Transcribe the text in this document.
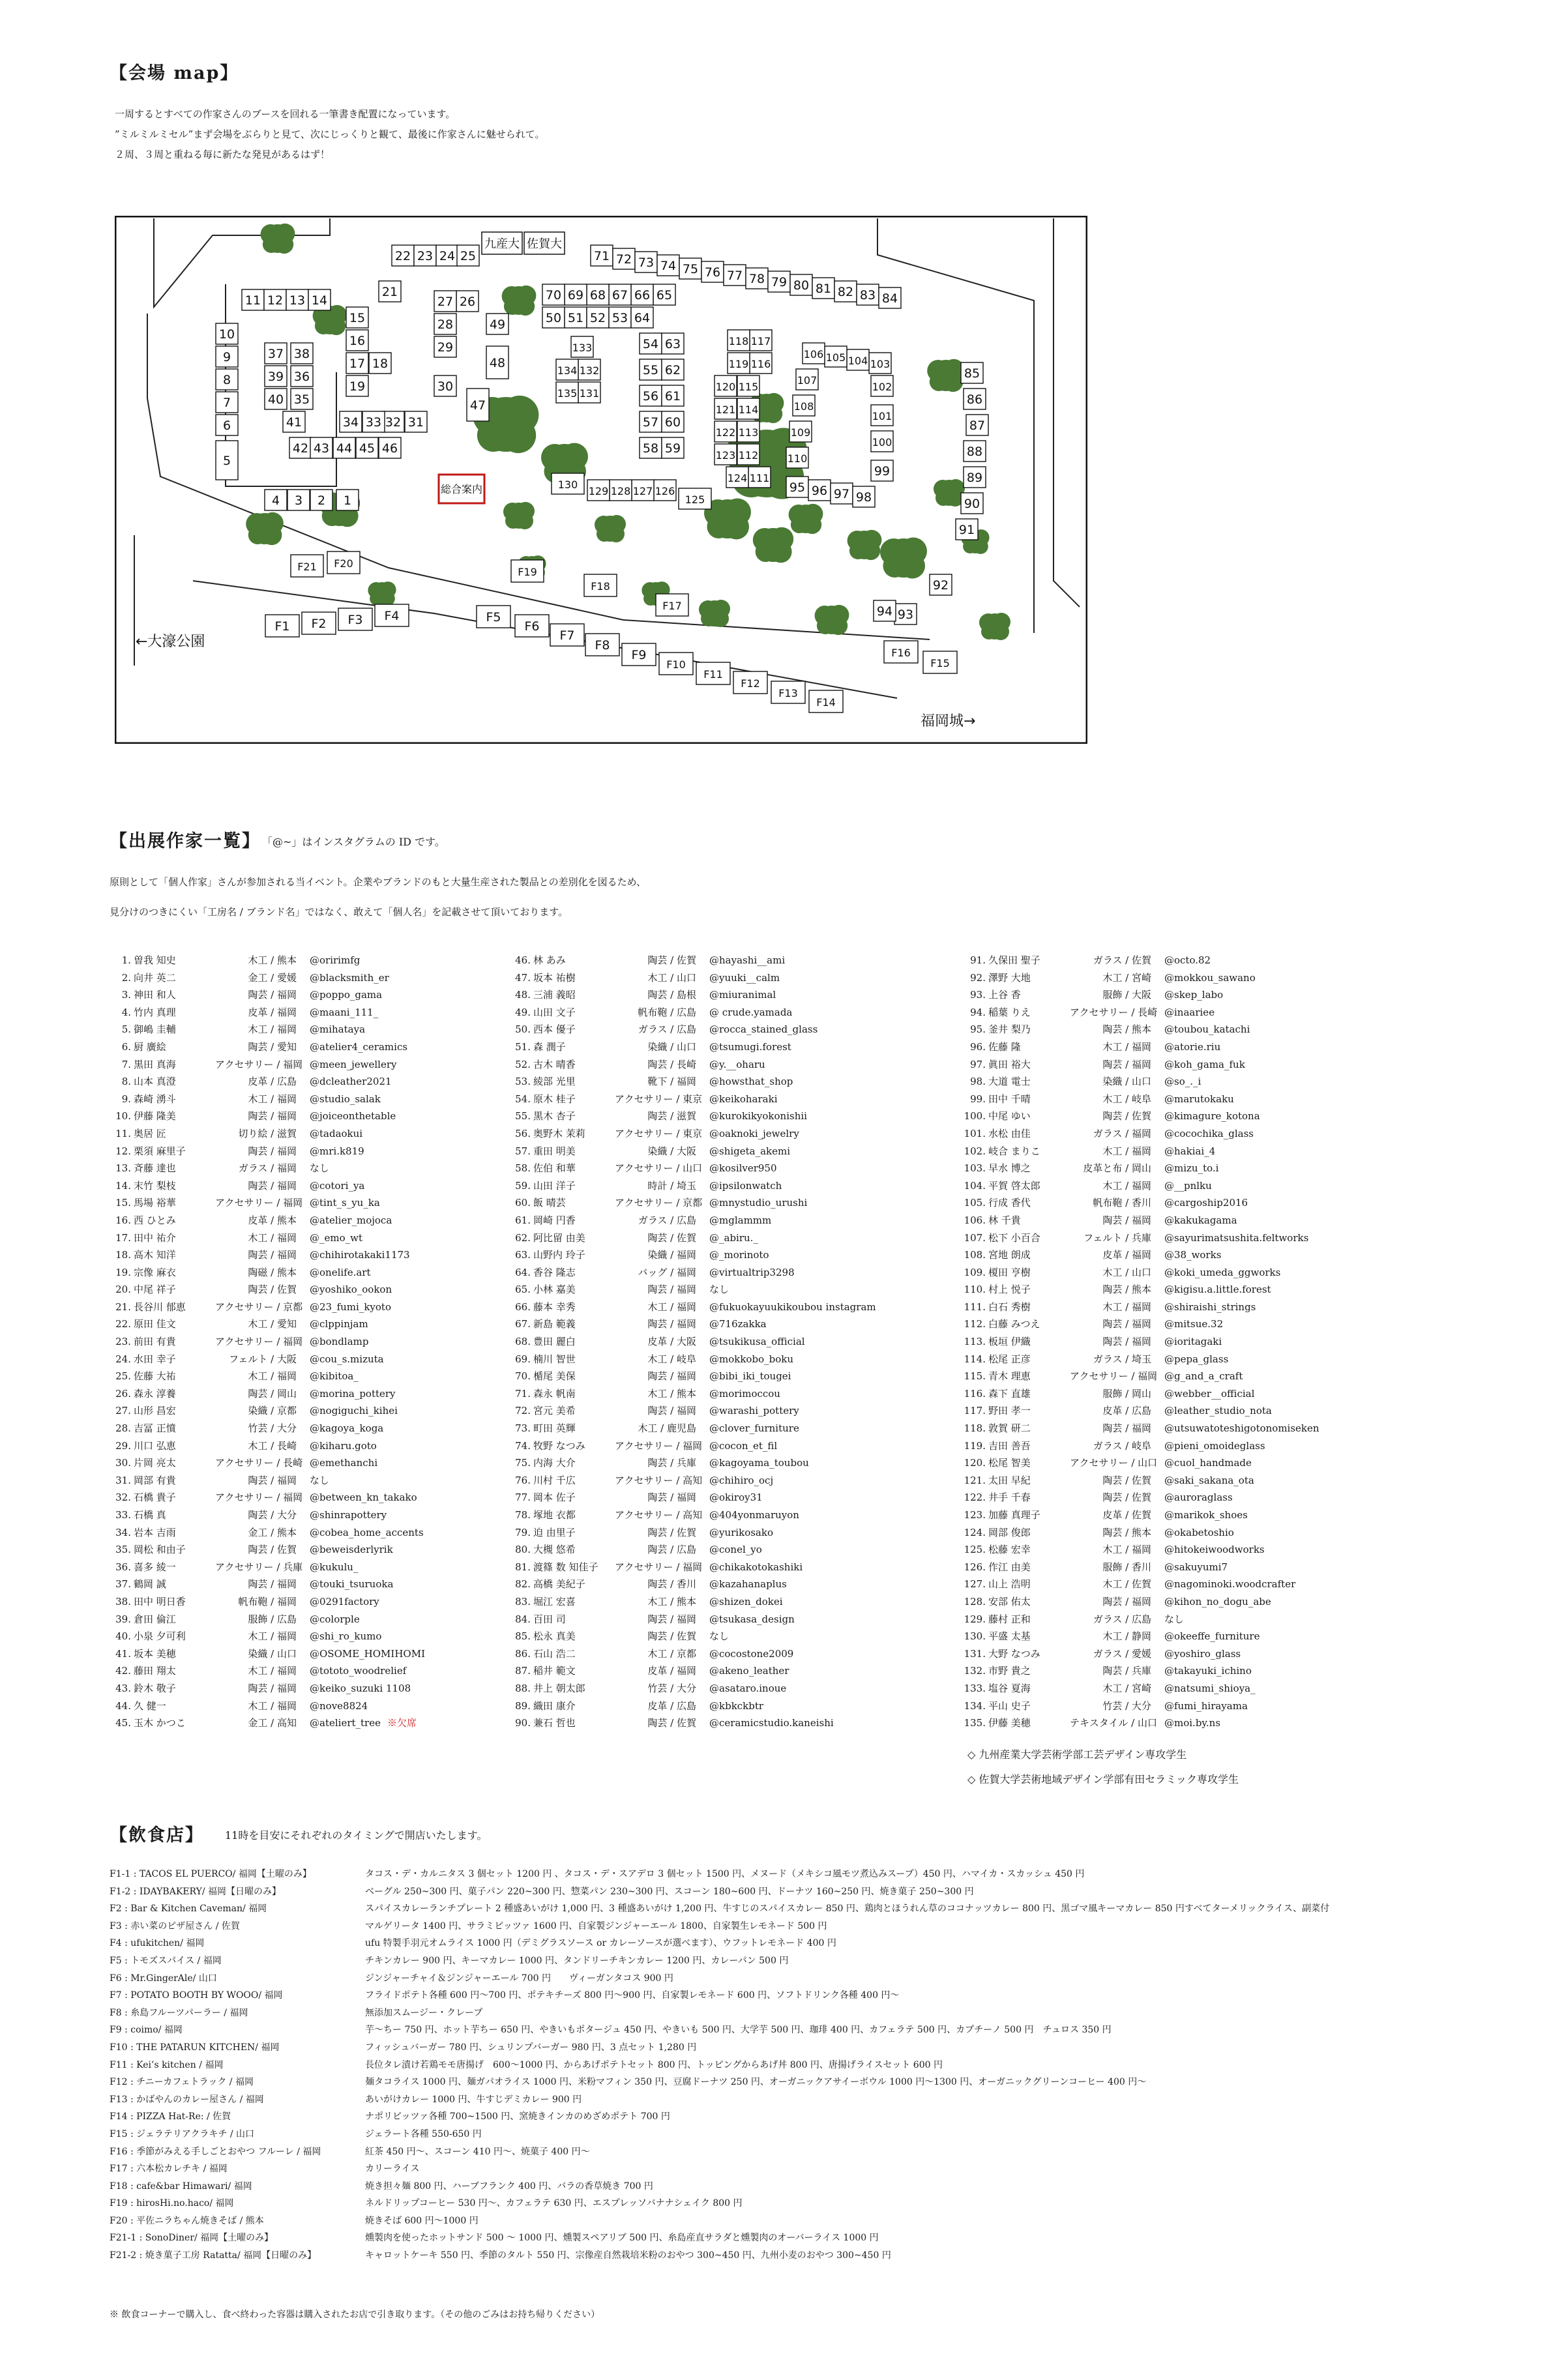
【会場 map】
一周するとすべての作家さんのブースを回れる一筆書き配置になっています。
”ミルミルミセル”まず会場をぶらりと見て、次にじっくりと観て、最後に作家さんに魅せられて。
２周、３周と重ねる毎に新たな発見があるはず！
1
2
3
4
5
6
7
8
9
10
11 12 13 14
15
16
17 18
19
21
22 23 24 25
26
27
28
29
30
31
32
33
34
35
36
37 38
39
40
41
42 43 44 45 46
47
48
49	50 51 52 53
54
55
56
57
58 59
60
61
62
63
64
65
66
67
68
69
70
71 72 73 74 75 76 77 78 79 80 81 82 83 84
85
86
87
88
89
90
91
92
93
94
95 96 97 98
99
100
101
102
103
104
105
106
107
108
109
110
111
112
113
114
115
116
117
118
119
120
121
122
123
124
125
126
127
128
129
130
131
132
133
134
135
F1 F2 F3 F4	F5
F6
F7
F8
F9
F10
F11
F12
F13
F14
F15
F16
F17
F18
F19
F20
F21
総合案内
九産大 佐賀大
←大濠公園
福岡城→
【出展作家一覧】 「@~」はインスタグラムの ID です。
原則として「個人作家」さんが参加される当イベント。企業やブランドのもと大量生産された製品との差別化を図るため、
見分けのつきにくい「工房名 / ブランド名」ではなく、敢えて「個人名」を記載させて頂いております。
1. 曽我 知史	木工 / 熊本	@oririmfg
2. 向井 英二	金工 / 愛媛	@blacksmith_er
3. 神田 和人	陶芸 / 福岡	@poppo_gama
4. 竹内 真理	皮革 / 福岡	@maani_111_
5. 御嶋 圭輔	木工 / 福岡	@mihataya
6. 厨 廣絵	陶芸 / 愛知	@atelier4_ceramics
7. 黒田 真海	アクセサリー / 福岡 @meen_jewellery
8. 山本 真澄	皮革 / 広島	@dcleather2021
9. 森崎 湧斗	木工 / 福岡	@studio_salak
10. 伊藤 隆美	陶芸 / 福岡	@joiceonthetable
11. 奥居 匠	切り絵 / 滋賀	@tadaokui
12. 栗須 麻里子	陶芸 / 福岡	@mri.k819
13. 斉藤 達也	ガラス / 福岡	なし
14. 末竹 梨枝	陶芸 / 福岡	@cotori_ya
15. 馬場 裕華	アクセサリー / 福岡 @tint_s_yu_ka
16. 西 ひとみ	皮革 / 熊本	@atelier_mojoca
17. 田中 祐介	木工 / 福岡	@_emo_wt
18. 高木 知洋	陶芸 / 福岡	@chihirotakaki1173
19. 宗像 麻衣	陶磁 / 熊本	@onelife.art
20. 中尾 祥子	陶芸 / 佐賀	@yoshiko_ookon
21. 長谷川 郁恵	アクセサリー / 京都 @23_fumi_kyoto
22. 原田 佳文	木工 / 愛知	@clppinjam
23. 前田 有貴	アクセサリー / 福岡 @bondlamp
24. 水田 幸子	フェルト / 大阪	@cou_s.mizuta
25. 佐藤 大祐	木工 / 福岡	@kibitoa_
26. 森永 淳養	陶芸 / 岡山	@morina_pottery
27. 山形 昌宏	染織 / 京都	@nogiguchi_kihei
28. 吉冨 正憤	竹芸 / 大分	@kagoya_koga
29. 川口 弘恵	木工 / 長崎	@kiharu.goto
30. 片岡 亮太	アクセサリー / 長崎 @emethanchi
31. 岡部 有貴	陶芸 / 福岡	なし
32. 石橋 貴子	アクセサリー / 福岡 @between_kn_takako
33. 石橋 真	陶芸 / 大分	@shinrapottery
34. 岩本 吉雨	金工 / 熊本	@cobea_home_accents
35. 岡松 和由子	陶芸 / 佐賀	@beweisderlyrik
36. 喜多 綾一	アクセサリー / 兵庫 @kukulu_
37. 鶴岡 誠	陶芸 / 福岡	@touki_tsuruoka
38. 田中 明日香	帆布鞄 / 福岡	@0291factory
39. 倉田 倫江	服飾 / 広島	@colorple
40. 小泉 夕可利	木工 / 福岡	@shi_ro_kumo
41. 坂本 美穂	染織 / 山口	@OSOME_HOMIHOMI
42. 藤田 翔太	木工 / 福岡	@tototo_woodrelief
43. 鈴木 敬子	陶芸 / 福岡	@keiko_suzuki 1108
44. 久 健一	木工 / 福岡	@nove8824
45. 玉木 かつこ	金工 / 高知	@ateliert_tree ※欠席
46. 林 あみ	陶芸 / 佐賀	@hayashi__ami
47. 坂本 祐樹	木工 / 山口	@yuuki__calm
48. 三浦 義昭	陶芸 / 島根	@miuranimal
49. 山田 文子	帆布鞄 / 広島	@ crude.yamada
50. 西本 優子	ガラス / 広島	@rocca_stained_glass
51. 森 潤子	染織 / 山口	@tsumugi.forest
52. 古木 晴香	陶芸 / 長崎	@y.__oharu
53. 綾部 光里	靴下 / 福岡	@howsthat_shop
54. 原木 桂子	アクセサリー / 東京 @keikoharaki
55. 黒木 杏子	陶芸 / 滋賀	@kurokikyokonishii
56. 奥野木 茉莉	アクセサリー / 東京 @oaknoki_jewelry
57. 重田 明美	染織 / 大阪	@shigeta_akemi
58. 佐伯 和華	アクセサリー / 山口 @kosilver950
59. 山田 洋子	時計 / 埼玉	@ipsilonwatch
60. 飯 晴芸	アクセサリー / 京都 @mnystudio_urushi
61. 岡崎 円香	ガラス / 広島	@mglammm
62. 阿比留 由美	陶芸 / 佐賀	@_abiru._
63. 山野内 玲子	染織 / 福岡	@_morinoto
64. 香谷 隆志	バッグ / 福岡	@virtualtrip3298
65. 小林 嘉美	陶芸 / 福岡	なし
66. 藤本 幸秀	木工 / 福岡	@fukuokayuukikoubou instagram
67. 新島 範義	陶芸 / 福岡	@716zakka
68. 豊田 麗白	皮革 / 大阪	@tsukikusa_official
69. 楠川 智世	木工 / 岐阜	@mokkobo_boku
70. 楯尾 美保	陶芸 / 福岡	@bibi_iki_tougei
71. 森永 帆南	木工 / 熊本	@morimoccou
72. 宮元 美希	陶芸 / 福岡	@warashi_pottery
73. 町田 英輝	木工 / 鹿児島	@clover_furniture
74. 牧野 なつみ	アクセサリー / 福岡 @cocon_et_fil
75. 内海 大介	陶芸 / 兵庫	@kagoyama_toubou
76. 川村 千広	アクセサリー / 高知 @chihiro_ocj
77. 岡本 佐子	陶芸 / 福岡	@okiroy31
78. 塚地 衣都	アクセサリー / 高知 @404yonmaruyon
79. 迫 由里子	陶芸 / 佐賀	@yurikosako
80. 大槻 悠希	陶芸 / 広島	@conel_yo
81. 渡篠 数 知佳子	アクセサリー / 福岡 @chikakotokashiki
82. 高橋 美紀子	陶芸 / 香川	@kazahanaplus
83. 堀江 宏喜	木工 / 熊本	@shizen_dokei
84. 百田 司	陶芸 / 福岡	@tsukasa_design
85. 松永 真美	陶芸 / 佐賀	なし
86. 石山 浩二	木工 / 京都	@cocostone2009
87. 稲井 範文	皮革 / 福岡	@akeno_leather
88. 井上 朝太郎	竹芸 / 大分	@asataro.inoue
89. 織田 康介	皮革 / 広島	@kbkckbtr
90. 兼石 哲也	陶芸 / 佐賀	@ceramicstudio.kaneishi
91. 久保田 聖子	ガラス / 佐賀	@octo.82
92. 澤野 大地	木工 / 宮崎	@mokkou_sawano
93. 上谷 香	服飾 / 大阪	@skep_labo
94. 稲葉 りえ	アクセサリー / 長崎 @inaariee
95. 釜井 梨乃	陶芸 / 熊本	@toubou_katachi
96. 佐藤 隆	木工 / 福岡	@atorie.riu
97. 眞田 裕大	陶芸 / 福岡	@koh_gama_fuk
98. 大道 電士	染織 / 山口	@so_._i
99. 田中 千晴	木工 / 岐阜	@marutokaku
100. 中尾 ゆい	陶芸 / 佐賀	@kimagure_kotona
101. 水松 由佳	ガラス / 福岡	@cocochika_glass
102. 岐合 まりこ	木工 / 福岡	@hakiai_4
103. 早水 博之	皮革と布 / 岡山	@mizu_to.i
104. 平賀 啓太郎	木工 / 福岡	@__pnlku
105. 行成 香代	帆布鞄 / 香川	@cargoship2016
106. 林 千貴	陶芸 / 福岡	@kakukagama
107. 松下 小百合	フェルト / 兵庫	@sayurimatsushita.feltworks
108. 宮地 朗成	皮革 / 福岡	@38_works
109. 榎田 亨樹	木工 / 山口	@koki_umeda_ggworks
110. 村上 悦子	陶芸 / 熊本	@kigisu.a.little.forest
111. 白石 秀樹	木工 / 福岡	@shiraishi_strings
112. 白藤 みつえ	陶芸 / 福岡	@mitsue.32
113. 板垣 伊織	陶芸 / 福岡	@ioritagaki
114. 松尾 正彦	ガラス / 埼玉	@pepa_glass
115. 青木 理恵	アクセサリー / 福岡 @g_and_a_craft
116. 森下 直雄	服飾 / 岡山	@webber__official
117. 野田 孝一	皮革 / 広島	@leather_studio_nota
118. 敦賀 研二	陶芸 / 福岡	@utsuwatoteshigotonomiseken
119. 吉田 善吾	ガラス / 岐阜	@pieni_omoideglass
120. 松尾 智美	アクセサリー / 山口 @cuol_handmade
121. 太田 早紀	陶芸 / 佐賀	@saki_sakana_ota
122. 井手 千春	陶芸 / 佐賀	@auroraglass
123. 加藤 真理子	皮革 / 佐賀	@marikok_shoes
124. 岡部 俊郎	陶芸 / 熊本	@okabetoshio
125. 松藤 宏幸	木工 / 福岡	@hitokeiwoodworks
126. 作江 由美	服飾 / 香川	@sakuyumi7
127. 山上 浩明	木工 / 佐賀	@nagominoki.woodcrafter
128. 安部 佑太	陶芸 / 福岡	@kihon_no_dogu_abe
129. 藤村 正和	ガラス / 広島	なし
130. 平盛 太基	木工 / 静岡	@okeeffe_furniture
131. 大野 なつみ	ガラス / 愛媛	@yoshiro_glass
132. 市野 貴之	陶芸 / 兵庫	@takayuki_ichino
133. 塩谷 夏海	木工 / 宮崎	@natsumi_shioya_
134. 平山 史子	竹芸 / 大分	@fumi_hirayama
135. 伊藤 美穂	テキスタイル / 山口 @moi.by.ns
◇ 九州産業大学芸術学部工芸デザイン専攻学生
◇ 佐賀大学芸術地域デザイン学部有田セラミック専攻学生
【飲食店】 11時を目安にそれぞれのタイミングで開店いたします。
F1-1 : TACOS EL PUERCO/ 福岡【土曜のみ】	タコス・デ・カルニタス 3 個セット 1200 円 、タコス・デ・スアデロ 3 個セット 1500 円、メヌード（メキシコ風モツ煮込みスープ）450 円、ハマイカ・スカッシュ 450 円
F1-2 : IDAYBAKERY/ 福岡【日曜のみ】	ベーグル 250~300 円、菓子パン 220~300 円、惣菜パン 230~300 円、スコーン 180~600 円、ドーナツ 160~250 円、焼き菓子 250~300 円
F2 : Bar & Kitchen Caveman/ 福岡	スパイスカレーランチプレート 2 種盛あいがけ 1,000 円、3 種盛あいがけ 1,200 円、牛すじのスパイスカレー 850 円、鶏肉とほうれん草のココナッツカレー 800 円、黒ゴマ風キーマカレー 850 円すべてターメリックライス、副菜付
F3 : 赤い菜のピザ屋さん / 佐賀	マルゲリータ 1400 円、サラミピッツァ 1600 円、自家製ジンジャーエール 1800、自家製生レモネード 500 円
F4 : ufukitchen/ 福岡	ufu 特製手羽元オムライス 1000 円（デミグラスソース or カレーソースが選べます）、ウフットレモネード 400 円
F5 : トモズスパイス / 福岡	チキンカレー 900 円、キーマカレー 1000 円、タンドリーチキンカレー 1200 円、カレーパン 500 円
F6 : Mr.GingerAle/ 山口	ジンジャーチャイ＆ジンジャーエール 700 円　　ヴィーガンタコス 900 円
F7 : POTATO BOOTH BY WOOO/ 福岡	フライドポテト各種 600 円～700 円、ポテキチーズ 800 円～900 円、自家製レモネード 600 円、ソフトドリンク各種 400 円～
F8 : 糸島フルーツパーラー / 福岡	無添加スムージー・クレープ
F9 : coimo/ 福岡	芋～ちー 750 円、ホット芋ちー 650 円、やきいもポタージュ 450 円、やきいも 500 円、大学芋 500 円、珈琲 400 円、カフェラテ 500 円、カプチーノ 500 円　チュロス 350 円
F10 : THE PATARUN KITCHEN/ 福岡	フィッシュバーガー 780 円、シュリンプバーガー 980 円、3 点セット 1,280 円
F11 : Kei’s kitchen / 福岡	長位タレ漬け若鶏モモ唐揚げ　600～1000 円、からあげポテトセット 800 円、トッピングからあげ丼 800 円、唐揚げライスセット 600 円
F12 : チニーカフェトラック / 福岡	麺タコライス 1000 円、麺ガパオライス 1000 円、米粉マフィン 350 円、豆腐ドーナツ 250 円、オーガニックアサイーボウル 1000 円～1300 円、オーガニックグリーンコーヒー 400 円～
F13 : かばやんのカレー屋さん / 福岡	あいがけカレー 1000 円、牛すじデミカレー 900 円
F14 : PIZZA Hat-Re: / 佐賀	ナポリピッツァ各種 700~1500 円、窯焼きインカのめざめポテト 700 円
F15 : ジェラテリアクラキチ / 山口	ジェラート各種 550-650 円
F16 : 季節がみえる手しごとおやつ フルーレ / 福岡	紅茶 450 円～、スコーン 410 円～、焼菓子 400 円～
F17 : 六本松カレチキ / 福岡	カリーライス
F18 : cafe&bar Himawari/ 福岡	焼き担々麺 800 円、ハーブフランク 400 円、バラの香草焼き 700 円
F19 : hirosHi.no.haco/ 福岡	ネルドリップコーヒー 530 円～、カフェラテ 630 円、エスプレッソバナナシェイク 800 円
F20 : 平佐ニラちゃん焼きそば / 熊本	焼きそば 600 円～1000 円
F21-1 : SonoDiner/ 福岡【土曜のみ】	燻製肉を使ったホットサンド 500 ～ 1000 円、燻製スペアリブ 500 円、糸島産直サラダと燻製肉のオーバーライス 1000 円
F21-2 : 焼き菓子工房 Ratatta/ 福岡【日曜のみ】	キャロットケーキ 550 円、季節のタルト 550 円、宗像産自然栽培米粉のおやつ 300~450 円、九州小麦のおやつ 300~450 円
※ 飲食コーナーで購入し、食べ終わった容器は購入されたお店で引き取ります。（その他のごみはお持ち帰りください）
